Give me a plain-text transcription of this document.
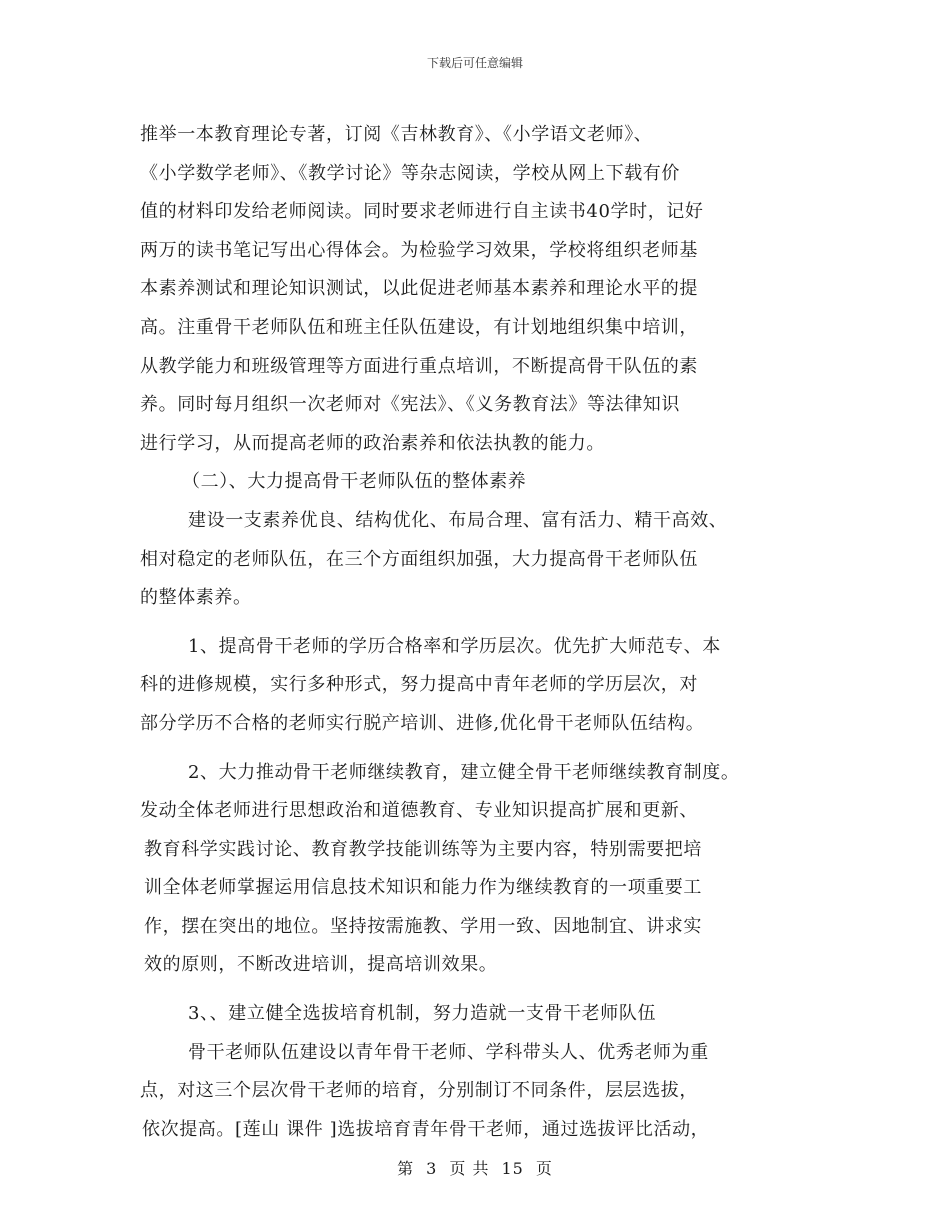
下载后可任意编辑
推举一本教育理论专著，订阅《吉林教育》、《小学语文老师》、
《小学数学老师》、《教学讨论》等杂志阅读，学校从网上下载有价
值的材料印发给老师阅读。同时要求老师进行自主读书40学时，记好
两万的读书笔记写出心得体会。为检验学习效果，学校将组织老师基
本素养测试和理论知识测试，以此促进老师基本素养和理论水平的提
高。注重骨干老师队伍和班主任队伍建设，有计划地组织集中培训，
从教学能力和班级管理等方面进行重点培训，不断提高骨干队伍的素
养。同时每月组织一次老师对《宪法》、《义务教育法》等法律知识
进行学习，从而提高老师的政治素养和依法执教的能力。
（二）、大力提高骨干老师队伍的整体素养
建设一支素养优良、结构优化、布局合理、富有活力、精干高效、
相对稳定的老师队伍，在三个方面组织加强，大力提高骨干老师队伍
的整体素养。
1、提高骨干老师的学历合格率和学历层次。优先扩大师范专、本
科的进修规模，实行多种形式，努力提高中青年老师的学历层次，对
部分学历不合格的老师实行脱产培训、进修,优化骨干老师队伍结构。
2、大力推动骨干老师继续教育，建立健全骨干老师继续教育制度。
发动全体老师进行思想政治和道德教育、专业知识提高扩展和更新、
教育科学实践讨论、教育教学技能训练等为主要内容，特别需要把培
训全体老师掌握运用信息技术知识和能力作为继续教育的一项重要工
作，摆在突出的地位。坚持按需施教、学用一致、因地制宜、讲求实
效的原则，不断改进培训，提高培训效果。
3、、建立健全选拔培育机制，努力造就一支骨干老师队伍
骨干老师队伍建设以青年骨干老师、学科带头人、优秀老师为重
点，对这三个层次骨干老师的培育，分别制订不同条件，层层选拔，
依次提高。[莲山 课件 ]选拔培育青年骨干老师，通过选拔评比活动，
第 3 页 共 15 页
